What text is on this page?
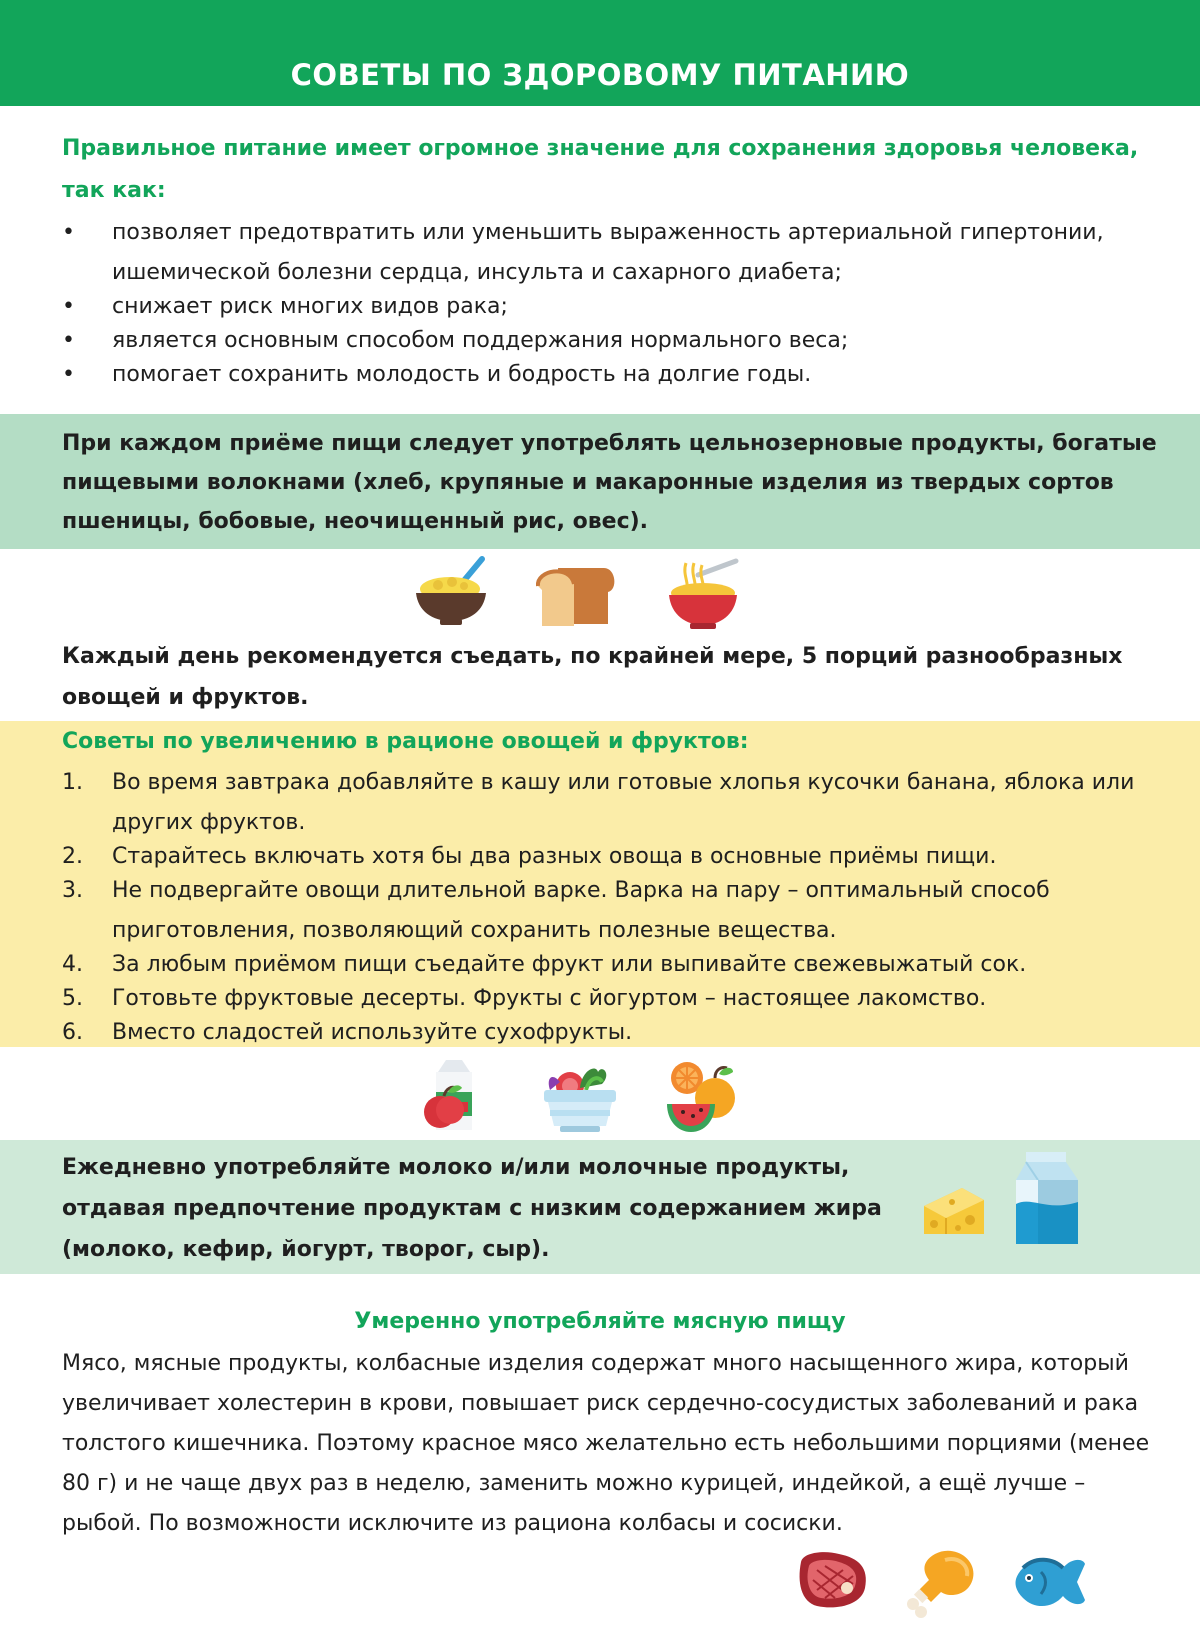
СОВЕТЫ ПО ЗДОРОВОМУ ПИТАНИЮ
Правильное питание имеет огромное значение для сохранения здоровья человека, так как:
• позволяет предотвратить или уменьшить выраженность артериальной гипертонии, ишемической болезни сердца, инсульта и сахарного диабета;
• снижает риск многих видов рака;
• является основным способом поддержания нормального веса;
• помогает сохранить молодость и бодрость на долгие годы.

При каждом приёме пищи следует употреблять цельнозерновые продукты, богатые пищевыми волокнами (хлеб, крупяные и макаронные изделия из твердых сортов пшеницы, бобовые, неочищенный рис, овес).

Каждый день рекомендуется съедать, по крайней мере, 5 порций разнообразных овощей и фруктов.
Советы по увеличению в рационе овощей и фруктов:
1. Во время завтрака добавляйте в кашу или готовые хлопья кусочки банана, яблока или других фруктов.
2. Старайтесь включать хотя бы два разных овоща в основные приёмы пищи.
3. Не подвергайте овощи длительной варке. Варка на пару – оптимальный способ приготовления, позволяющий сохранить полезные вещества.
4. За любым приёмом пищи съедайте фрукт или выпивайте свежевыжатый сок.
5. Готовьте фруктовые десерты. Фрукты с йогуртом – настоящее лакомство.
6. Вместо сладостей используйте сухофрукты.

Ежедневно употребляйте молоко и/или молочные продукты, отдавая предпочтение продуктам с низким содержанием жира (молоко, кефир, йогурт, творог, сыр).

Умеренно употребляйте мясную пищу
Мясо, мясные продукты, колбасные изделия содержат много насыщенного жира, который увеличивает холестерин в крови, повышает риск сердечно-сосудистых заболеваний и рака толстого кишечника. Поэтому красное мясо желательно есть небольшими порциями (менее 80 г) и не чаще двух раз в неделю, заменить можно курицей, индейкой, а ещё лучше – рыбой. По возможности исключите из рациона колбасы и сосиски.
